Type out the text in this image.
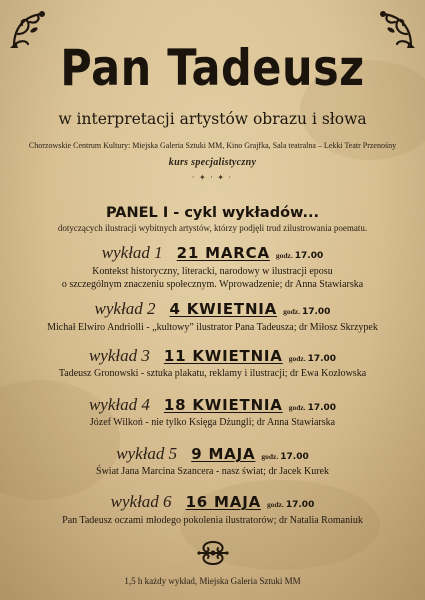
Pan Tadeusz
w interpretacji artystów obrazu i słowa
Chorzowskie Centrum Kultury: Miejska Galeria Sztuki MM, Kino Grajfka, Sala teatralna – Lekki Teatr Przenośny
kurs specjalistyczny
· ✦ · ✦ ·
PANEL I - cykl wykładów...
dotyczących ilustracji wybitnych artystów, którzy podjęli trud zilustrowania poematu.
wykład 1 21 MARCA godz. 17.00
Kontekst historyczny, literacki, narodowy w ilustracji eposu
o szczególnym znaczeniu społecznym. Wprowadzenie; dr Anna Stawiarska
wykład 2 4 KWIETNIA godz. 17.00
Michał Elwiro Andriolli - „kultowy” ilustrator Pana Tadeusza; dr Miłosz Skrzypek
wykład 3 11 KWIETNIA godz. 17.00
Tadeusz Gronowski - sztuka plakatu, reklamy i ilustracji; dr Ewa Kozłowska
wykład 4 18 KWIETNIA godz. 17.00
Józef Wilkoń - nie tylko Księga Dżungli; dr Anna Stawiarska
wykład 5 9 MAJA godz. 17.00
Świat Jana Marcina Szancera - nasz świat; dr Jacek Kurek
wykład 6 16 MAJA godz. 17.00
Pan Tadeusz oczami młodego pokolenia ilustratorów; dr Natalia Romaniuk
1,5 h każdy wykład, Miejska Galeria Sztuki MM
